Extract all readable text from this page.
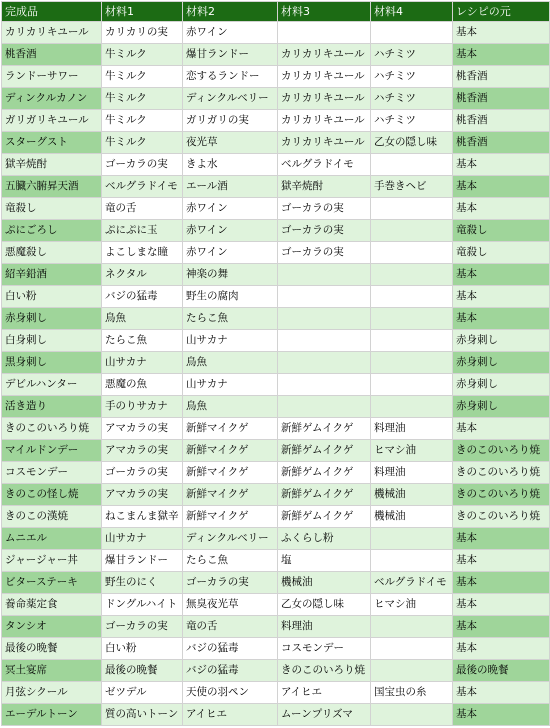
完成品	材料1	材料2	材料3	材料4	レシピの元
カリカリキユール	カリカリの実	赤ワイン			基本
桃香酒	牛ミルク	爆甘ランドー	カリカリキユール	ハチミツ	基本
ランドーサワー	牛ミルク	恋するランドー	カリカリキユール	ハチミツ	桃香酒
ディンクルカノン	牛ミルク	ディンクルベリー	カリカリキユール	ハチミツ	桃香酒
ガリガリキユール	牛ミルク	ガリガリの実	カリカリキユール	ハチミツ	桃香酒
スターグスト	牛ミルク	夜光草	カリカリキユール	乙女の隠し味	桃香酒
獄辛焼酎	ゴーカラの実	きよ水	ベルグラドイモ		基本
五臓六腑昇天酒	ベルグラドイモ	エール酒	獄辛焼酎	手巻きヘビ	基本
竜殺し	竜の舌	赤ワイン	ゴーカラの実		基本
ぷにごろし	ぷにぷに玉	赤ワイン	ゴーカラの実		竜殺し
悪魔殺し	よこしまな瞳	赤ワイン	ゴーカラの実		竜殺し
紹辛鉛酒	ネクタル	神楽の舞			基本
白い粉	バジの猛毒	野生の腐肉			基本
赤身刺し	鳥魚	たらこ魚			基本
白身刺し	たらこ魚	山サカナ			赤身刺し
黒身刺し	山サカナ	鳥魚			赤身刺し
デビルハンター	悪魔の魚	山サカナ			赤身刺し
活き造り	手のりサカナ	鳥魚			赤身刺し
きのこのいろり焼	アマカラの実	新鮮マイクゲ	新鮮ゲムイクゲ	料理油	基本
マイルドンデー	アマカラの実	新鮮マイクゲ	新鮮ゲムイクゲ	ヒマシ油	きのこのいろり焼
コスモンデー	ゴーカラの実	新鮮マイクゲ	新鮮ゲムイクゲ	料理油	きのこのいろり焼
きのこの怪し焼	アマカラの実	新鮮マイクゲ	新鮮ゲムイクゲ	機械油	きのこのいろり焼
きのこの漢焼	ねこまんま獄辛	新鮮マイクゲ	新鮮ゲムイクゲ	機械油	きのこのいろり焼
ムニエル	山サカナ	ディンクルベリー	ふくらし粉		基本
ジャージャー丼	爆甘ランドー	たらこ魚	塩		基本
ビターステーキ	野生のにく	ゴーカラの実	機械油	ベルグラドイモ	基本
養命薬定食	ドングルハイト	無臭夜光草	乙女の隠し味	ヒマシ油	基本
タンシオ	ゴーカラの実	竜の舌	料理油		基本
最後の晩餐	白い粉	バジの猛毒	コスモンデー		基本
冥土宴席	最後の晩餐	バジの猛毒	きのこのいろり焼		最後の晩餐
月弦シクール	ゼツデル	天使の羽ペン	アイヒエ	国宝虫の糸	基本
エーデルトーン	質の高いトーン	アイヒエ	ムーンプリズマ		基本
